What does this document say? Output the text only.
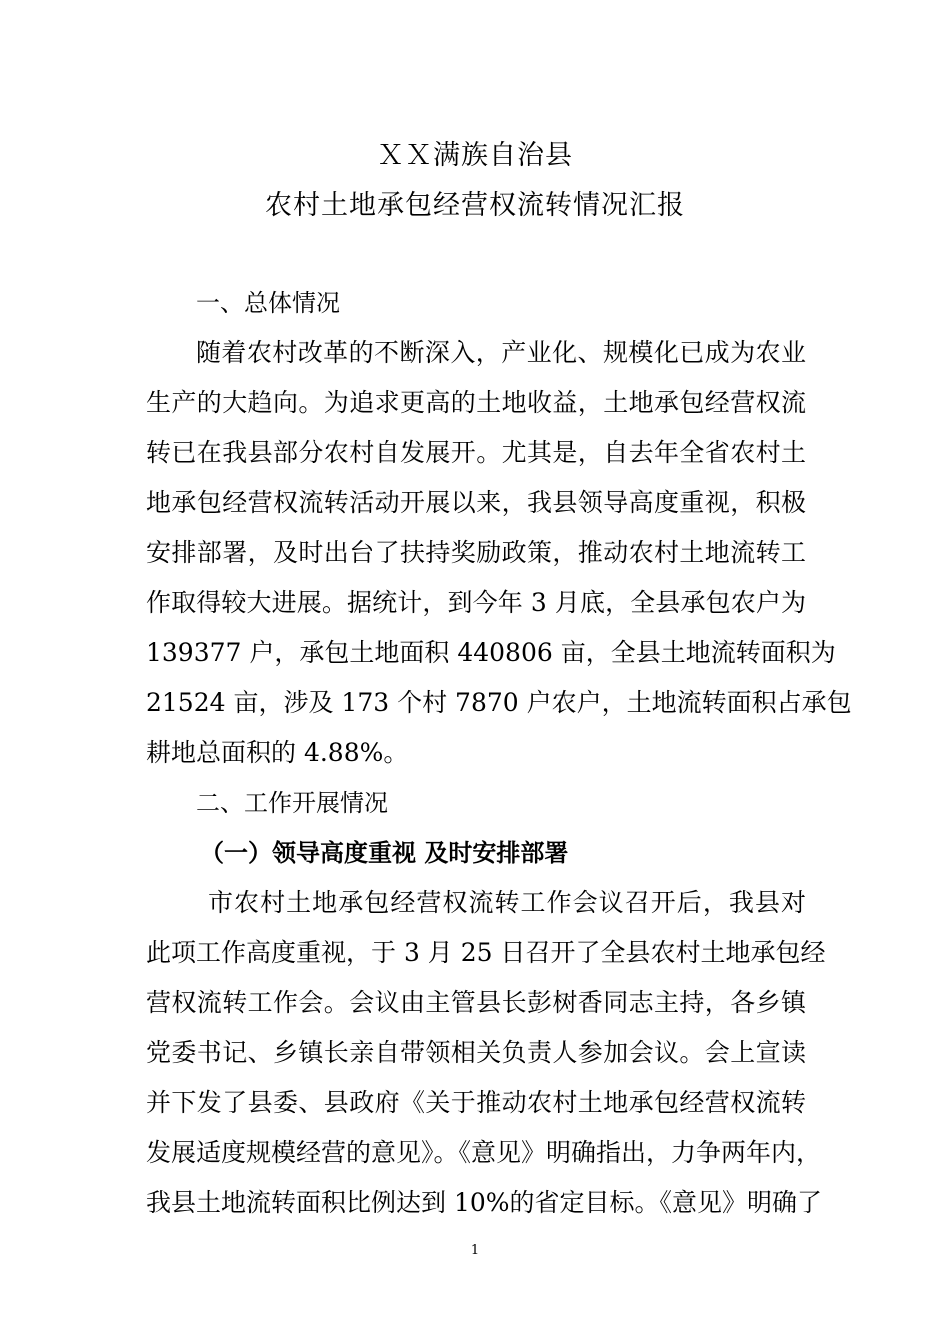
ＸＸ满族自治县
农村土地承包经营权流转情况汇报
一、总体情况
随着农村改革的不断深入，产业化、规模化已成为农业
生产的大趋向。为追求更高的土地收益，土地承包经营权流
转已在我县部分农村自发展开。尤其是，自去年全省农村土
地承包经营权流转活动开展以来，我县领导高度重视，积极
安排部署，及时出台了扶持奖励政策，推动农村土地流转工
作取得较大进展。据统计，到今年 3 月底，全县承包农户为
139377 户，承包土地面积 440806 亩，全县土地流转面积为
21524 亩，涉及 173 个村 7870 户农户，土地流转面积占承包
耕地总面积的 4.88%。
二、工作开展情况
（一）领导高度重视 及时安排部署
市农村土地承包经营权流转工作会议召开后，我县对
此项工作高度重视，于 3 月 25 日召开了全县农村土地承包经
营权流转工作会。会议由主管县长彭树香同志主持，各乡镇
党委书记、乡镇长亲自带领相关负责人参加会议。会上宣读
并下发了县委、县政府《关于推动农村土地承包经营权流转
发展适度规模经营的意见》。《意见》明确指出，力争两年内，
我县土地流转面积比例达到 10%的省定目标。《意见》明确了
1
